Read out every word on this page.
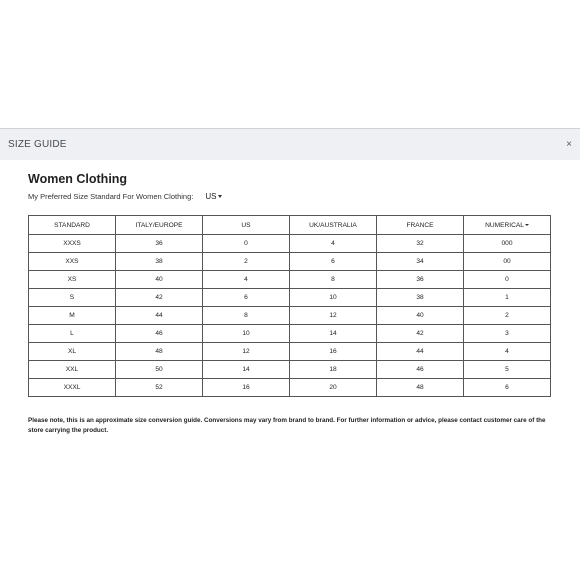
SIZE GUIDE	×
Women Clothing
My Preferred Size Standard For Women Clothing: US
STANDARD	ITALY/EUROPE	US	UK/AUSTRALIA	FRANCE	NUMERICAL
XXXS	36	0	4	32	000
XXS	38	2	6	34	00
XS	40	4	8	36	0
S	42	6	10	38	1
M	44	8	12	40	2
L	46	10	14	42	3
XL	48	12	16	44	4
XXL	50	14	18	46	5
XXXL	52	16	20	48	6
Please note, this is an approximate size conversion guide. Conversions may vary from brand to brand. For further information or advice, please contact customer care of the store carrying the product.
